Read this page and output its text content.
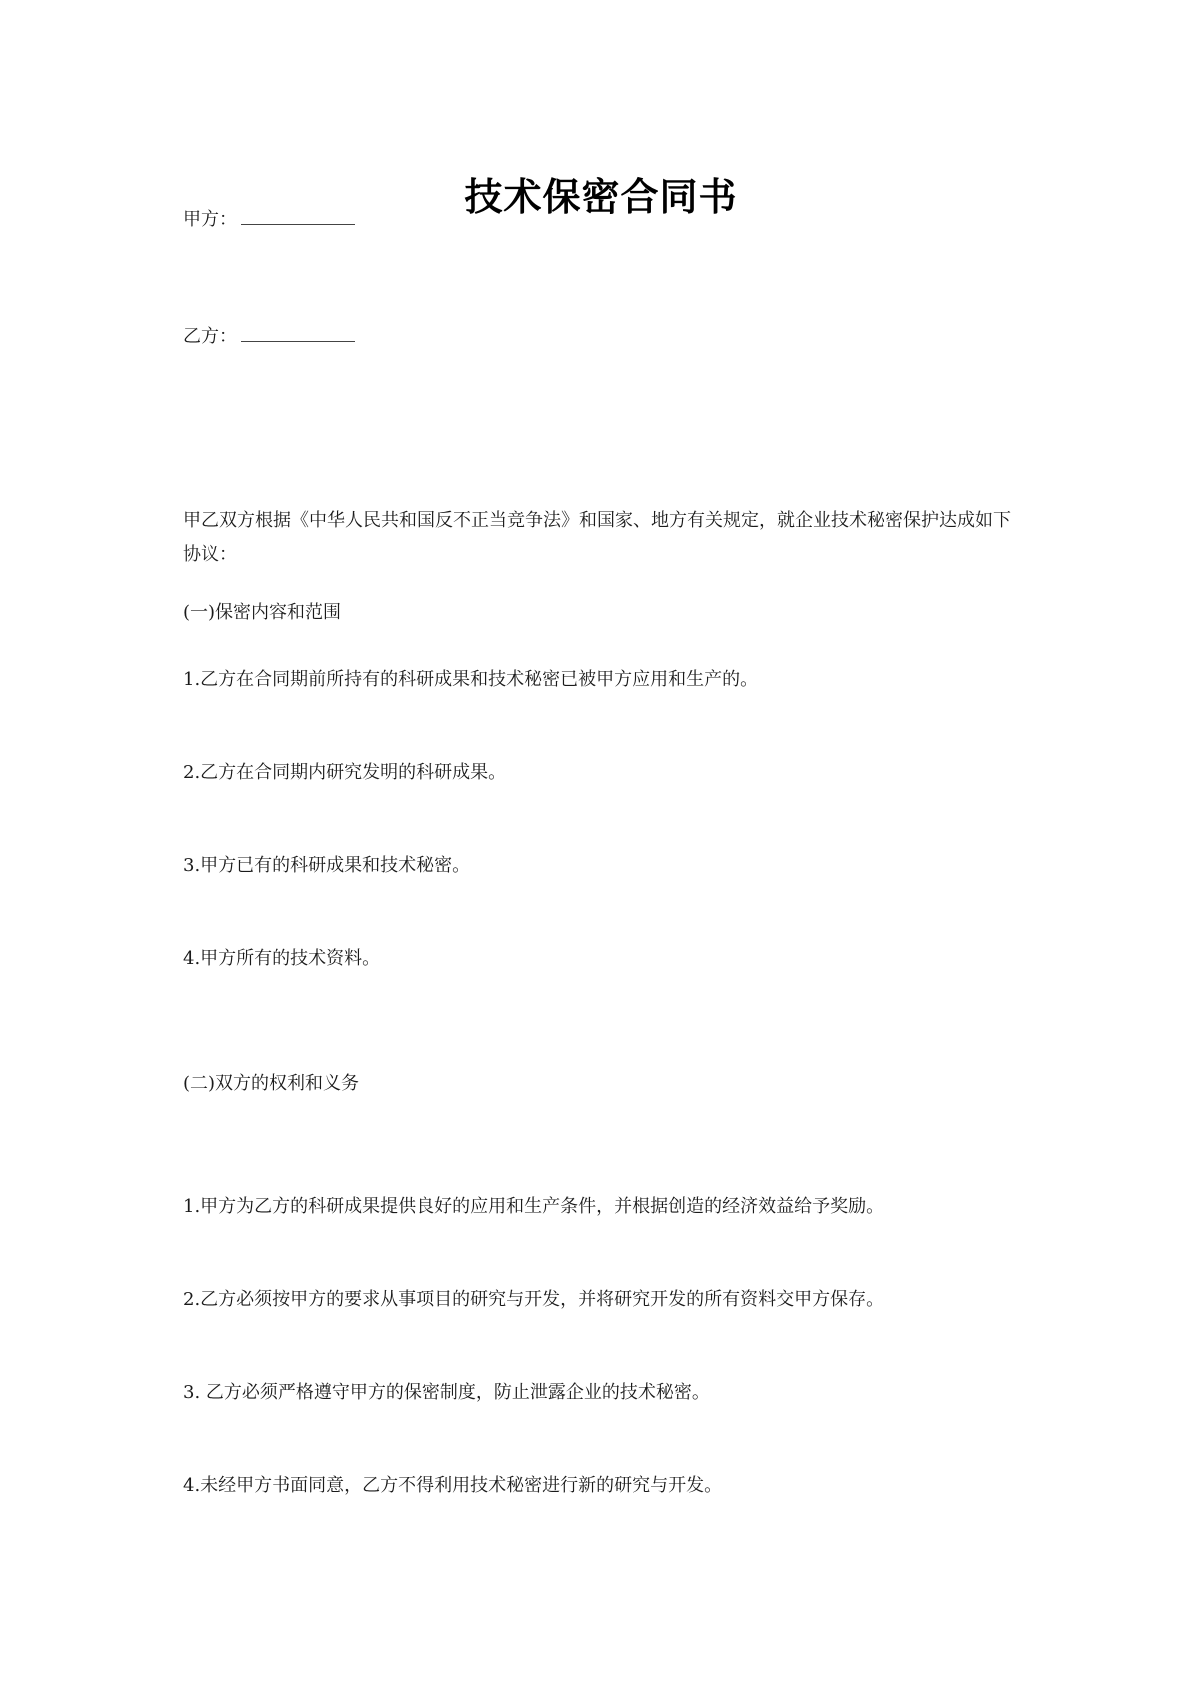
技术保密合同书
甲方：
乙方：
甲乙双方根据《中华人民共和国反不正当竞争法》和国家、地方有关规定，就企业技术秘密保护达成如下协议：
(一)保密内容和范围
1.乙方在合同期前所持有的科研成果和技术秘密已被甲方应用和生产的。
2.乙方在合同期内研究发明的科研成果。
3.甲方已有的科研成果和技术秘密。
4.甲方所有的技术资料。
(二)双方的权利和义务
1.甲方为乙方的科研成果提供良好的应用和生产条件，并根据创造的经济效益给予奖励。
2.乙方必须按甲方的要求从事项目的研究与开发，并将研究开发的所有资料交甲方保存。
3. 乙方必须严格遵守甲方的保密制度，防止泄露企业的技术秘密。
4.未经甲方书面同意，乙方不得利用技术秘密进行新的研究与开发。
